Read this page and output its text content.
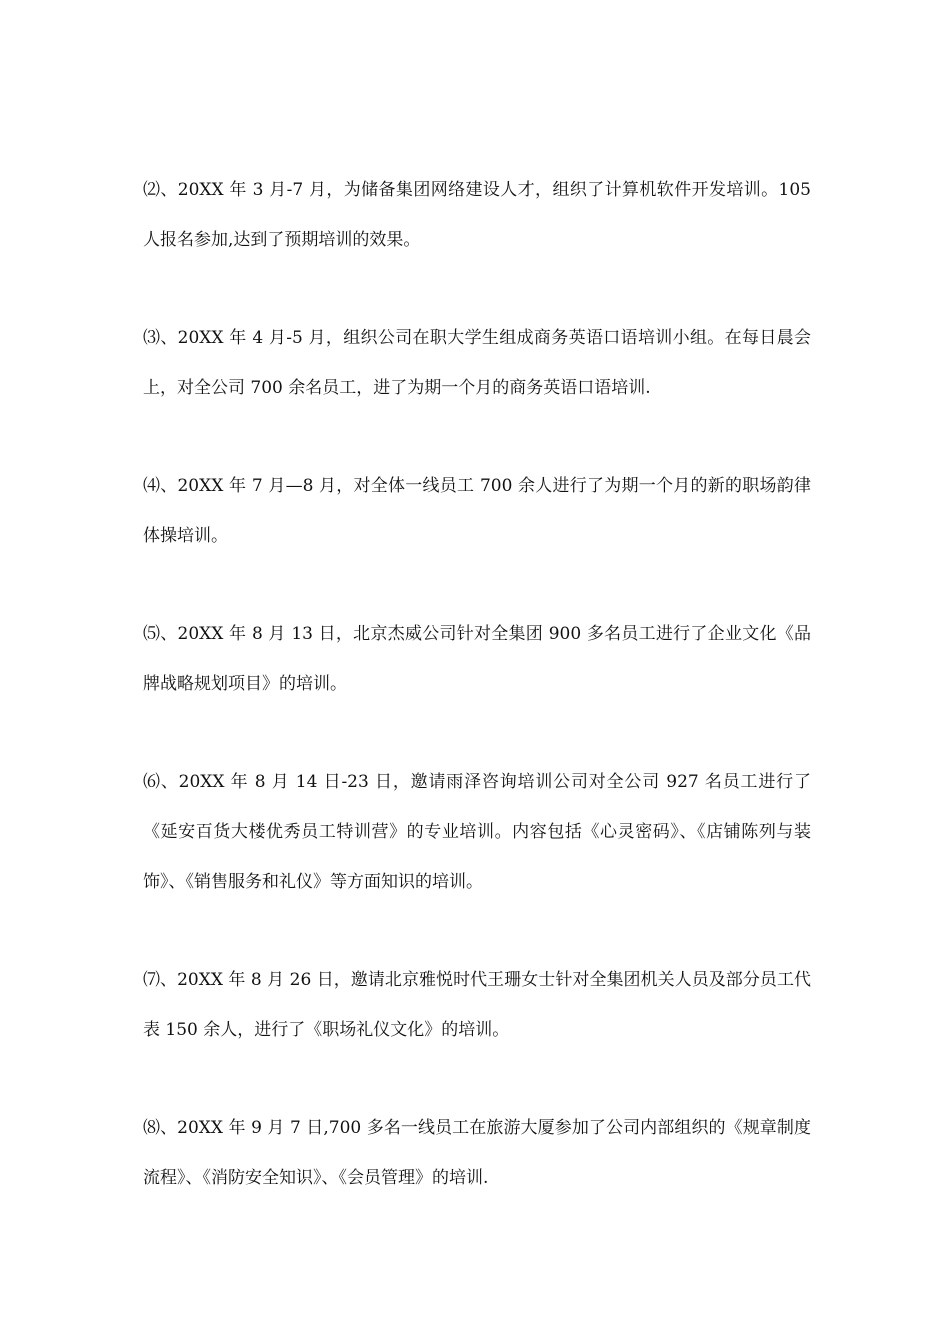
⑵、20XX 年 3 月-7 月，为储备集团网络建设人才，组织了计算机软件开发培训。105 人报名参加,达到了预期培训的效果。

⑶、20XX 年 4 月-5 月，组织公司在职大学生组成商务英语口语培训小组。在每日晨会上，对全公司 700 余名员工，进了为期一个月的商务英语口语培训.

⑷、20XX 年 7 月—8 月，对全体一线员工 700 余人进行了为期一个月的新的职场韵律体操培训。

⑸、20XX 年 8 月 13 日，北京杰威公司针对全集团 900 多名员工进行了企业文化《品牌战略规划项目》的培训。

⑹、20XX 年 8 月 14 日-23 日，邀请雨泽咨询培训公司对全公司 927 名员工进行了《延安百货大楼优秀员工特训营》的专业培训。内容包括《心灵密码》、《店铺陈列与装饰》、《销售服务和礼仪》等方面知识的培训。

⑺、20XX 年 8 月 26 日，邀请北京雅悦时代王珊女士针对全集团机关人员及部分员工代表 150 余人，进行了《职场礼仪文化》的培训。

⑻、20XX 年 9 月 7 日,700 多名一线员工在旅游大厦参加了公司内部组织的《规章制度流程》、《消防安全知识》、《会员管理》的培训.
